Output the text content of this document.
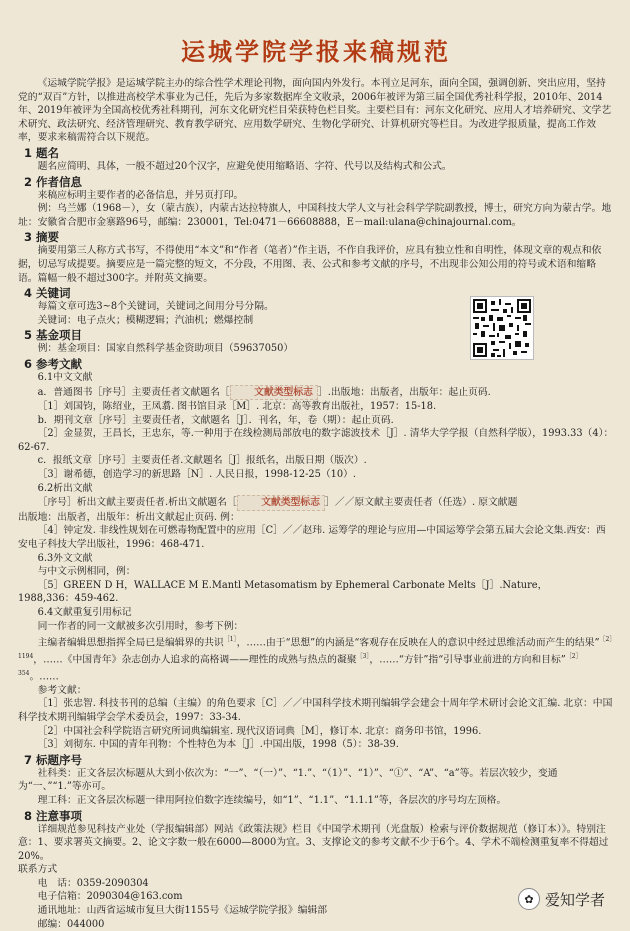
运城学院学报来稿规范

《运城学院学报》是运城学院主办的综合性学术理论刊物，面向国内外发行。本刊立足河东，面向全国，强调创新、突出应用，坚持党的“双百”方针，以推进高校学术事业为己任，先后为多家数据库全文收录，2006年被评为第三届全国优秀社科学报，2010年、2014年、2019年被评为全国高校优秀社科期刊，河东文化研究栏目荣获特色栏目奖。主要栏目有：河东文化研究、应用人才培养研究、文学艺术研究、政法研究、经济管理研究、教育教学研究、应用数学研究、生物化学研究、计算机研究等栏目。为改进学报质量，提高工作效率，要求来稿需符合以下规范。

1 题名

题名应简明、具体，一般不超过20个汉字，应避免使用缩略语、字符、代号以及结构式和公式。

2 作者信息

来稿应标明主要作者的必备信息，并另页打印。

例：乌兰娜（1968－），女（蒙古族），内蒙古达拉特旗人，中国科技大学人文与社会科学学院副教授，博士，研究方向为蒙古学。地址：安徽省合肥市金寨路96号，邮编：230001，Tel:0471－66608888，E－mail:ulana@chinajournal.com。

3 摘要

摘要用第三人称方式书写，不得使用“本文”和“作者（笔者）”作主语，不作自我评价，应具有独立性和自明性，体现文章的观点和依据，切忌写成提要。摘要应是一篇完整的短文，不分段，不用图、表、公式和参考文献的序号，不出现非公知公用的符号或术语和缩略语。篇幅一般不超过300字。并附英文摘要。

4 关键词

每篇文章可选3~8个关键词，关键词之间用分号分隔。

关键词：电子点火；模糊逻辑；汽油机；燃爆控制

5 基金项目

例：基金项目：国家自然科学基金资助项目（59637050）

6 参考文献

6.1中文文献

a．普通图书［序号］主要责任者文献题名［	文献类型标志 ］.出版地：出版者，出版年：起止页码.

［1］刘国钧，陈绍业，王凤翥. 图书馆目录［M］. 北京：高等教育出版社，1957：15-18.

b．期刊文章［序号］主要责任者，文献题名［J］．刊名，年，卷（期）：起止页码.

［2］金显贺，王昌长，王忠东，等.一种用于在线检测局部放电的数字滤波技术［J］. 清华大学学报（自然科学版），1993.33（4）：62-67.

c．报纸文章［序号］主要责任者.文献题名［J］报纸名，出版日期（版次）.

［3］谢希德，创造学习的新思路［N］. 人民日报，1998-12-25（10）.

6.2析出文献

［序号］析出文献主要责任者.析出文献题名［	文献类型标志 ］／／原文献主要责任者（任选）. 原文献题

出版地：出版者，出版年：析出文献起止页码. 例：

［4］钟定发. 非线性规划在可燃毒物配置中的应用［C］／／赵玮. 运筹学的理论与应用—中国运筹学会第五届大会论文集.西安：西安电子科技大学出版社，1996：468-471.

6.3外文文献

与中文示例相同，例：

［5］GREEN D H，WALLACE M E.Mantl Metasomatism by Ephemeral Carbonate Melts［J］.Nature，

1988,336：459-462.

6.4文献重复引用标记

同一作者的同一文献被多次引用时，参考下例：

主编者编辑思想指挥全局已是编辑界的共识$^{[1]}$，……由于“思想”的内涵是“客观存在反映在人的意识中经过思维活动而产生的结果”$^{[2]1194}$，……《中国青年》杂志创办人追求的高格调——理性的成熟与热点的凝聚$^{[3]}$，……“方针”指“引导事业前进的方向和目标”$^{[2]354}$。……

参考文献：

［1］张忠智. 科技书刊的总编（主编）的角色要求［C］／／中国科学技术期刊编辑学会建会十周年学术研讨会论文汇编. 北京：中国科学技术期刊编辑学会学术委员会，1997：33-34.

［2］中国社会科学院语言研究所词典编辑室. 现代汉语词典［M］，修订本. 北京：商务印书馆，1996.

［3］刘彻东. 中国的青年刊物：个性特色为本［J］.中国出版，1998（5）：38-39.

7 标题序号

社科类：正文各层次标题从大到小依次为：“一”、“（一）”、“1.”、“（1）”、“1）”、“①”、“A”、“a”等。若层次较少，变通为“一、”“1.”等亦可。

理工科：正文各层次标题一律用阿拉伯数字连续编号，如“1”、“1.1”、“1.1.1”等，各层次的序号均左顶格。

8 注意事项

详细规范参见科技产业处（学报编辑部）网站《政策法规》栏目《中国学术期刊（光盘版）检索与评价数据规范（修订本）》。特别注意：1、要求署英文摘要。2、论文字数一般在6000—8000为宜。3、支撑论文的参考文献不少于6个。4、学术不端检测重复率不得超过20%。

联系方式

电　话：0359-2090304

电子信箱：2090304@163.com

通讯地址：山西省运城市复旦大街1155号《运城学院学报》编辑部

邮编：044000

✿ 爱知学者
